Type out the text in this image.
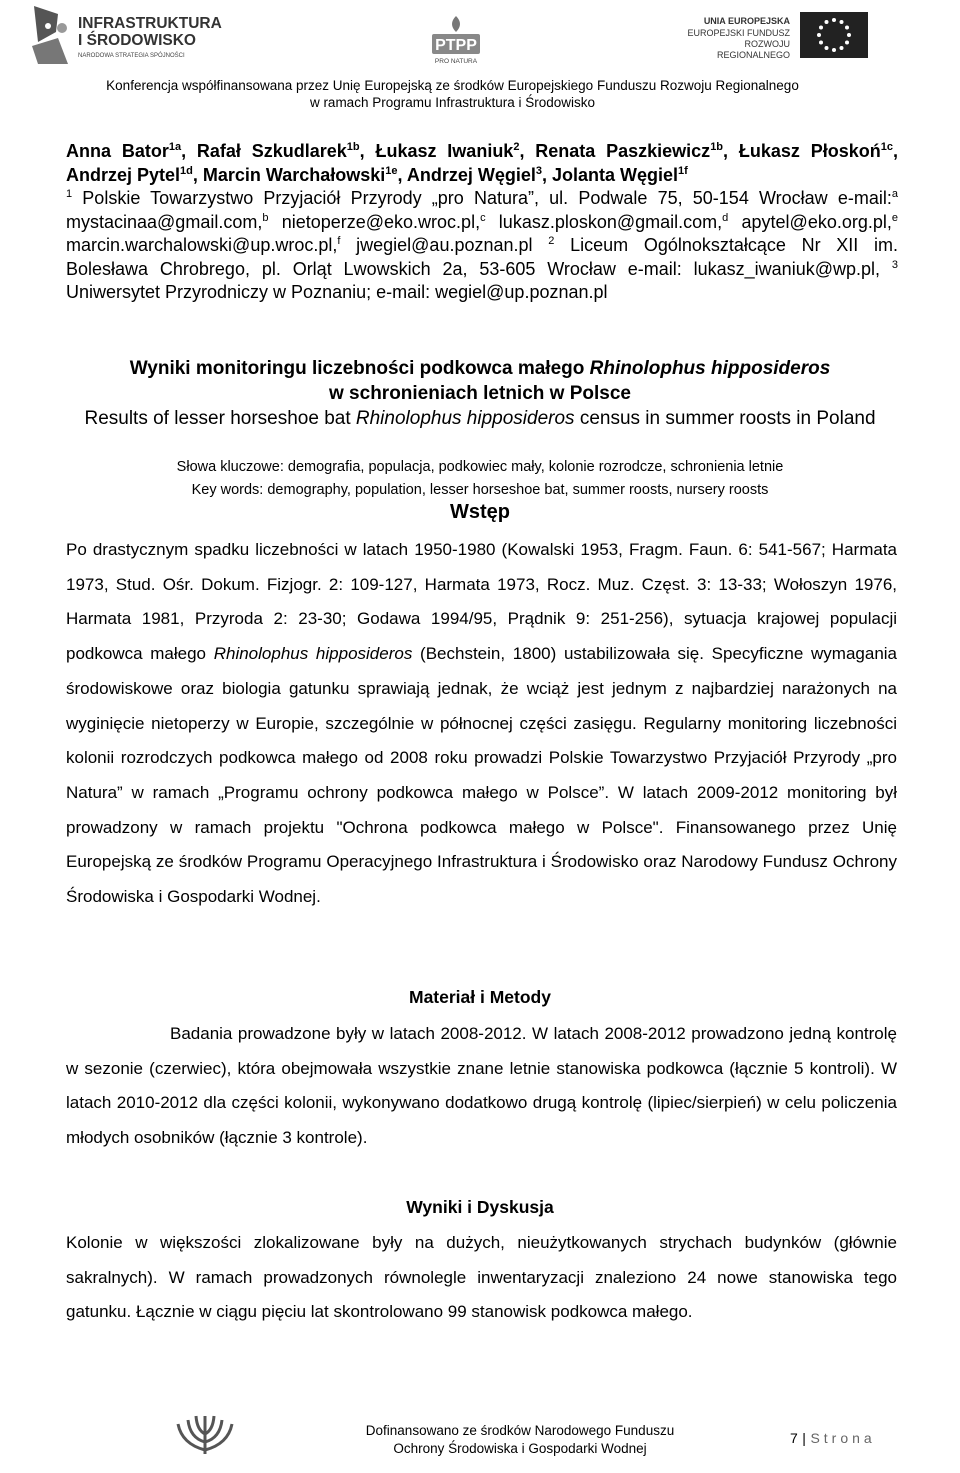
INFRASTRUKTURA
I ŚRODOWISKO
NARODOWA STRATEGIA SPÓJNOŚCI
PTPP
PRO NATURA
UNIA EUROPEJSKA
EUROPEJSKI FUNDUSZ
ROZWOJU REGIONALNEGO
Konferencja współfinansowana przez Unię Europejską ze środków Europejskiego Funduszu Rozwoju Regionalnego
w ramach Programu Infrastruktura i Środowisko
Anna Bator$^{1a}$, Rafał Szkudlarek$^{1b}$, Łukasz Iwaniuk$^2$, Renata Paszkiewicz$^{1b}$, Łukasz Płoskoń$^{1c}$, Andrzej Pytel$^{1d}$, Marcin Warchałowski$^{1e}$, Andrzej Węgiel$^3$, Jolanta Węgiel$^{1f}$
$^1$ Polskie Towarzystwo Przyjaciół Przyrody „pro Natura”, ul. Podwale 75, 50-154 Wrocław e-mail:$^a$ mystacinaa@gmail.com,$^b$ nietoperze@eko.wroc.pl,$^c$ lukasz.ploskon@gmail.com,$^d$ apytel@eko.org.pl,$^e$ marcin.warchalowski@up.wroc.pl,$^f$ jwegiel@au.poznan.pl $^2$ Liceum Ogólnokształcące Nr XII im. Bolesława Chrobrego, pl. Orląt Lwowskich 2a, 53-605 Wrocław e-mail: lukasz_iwaniuk@wp.pl, $^3$ Uniwersytet Przyrodniczy w Poznaniu; e-mail: wegiel@up.poznan.pl
Wyniki monitoringu liczebności podkowca małego Rhinolophus hipposideros
w schronieniach letnich w Polsce
Results of lesser horseshoe bat Rhinolophus hipposideros census in summer roosts in Poland
Słowa kluczowe: demografia, populacja, podkowiec mały, kolonie rozrodcze, schronienia letnie
Key words: demography, population, lesser horseshoe bat, summer roosts, nursery roosts
Wstęp
Po drastycznym spadku liczebności w latach 1950-1980 (Kowalski 1953, Fragm. Faun. 6: 541-567; Harmata 1973, Stud. Ośr. Dokum. Fizjogr. 2: 109-127, Harmata 1973, Rocz. Muz. Częst. 3: 13-33; Wołoszyn 1976, Harmata 1981, Przyroda 2: 23-30; Godawa 1994/95, Prądnik 9: 251-256), sytuacja krajowej populacji podkowca małego Rhinolophus hipposideros (Bechstein, 1800) ustabilizowała się. Specyficzne wymagania środowiskowe oraz biologia gatunku sprawiają jednak, że wciąż jest jednym z najbardziej narażonych na wyginięcie nietoperzy w Europie, szczególnie w północnej części zasięgu. Regularny monitoring liczebności kolonii rozrodczych podkowca małego od 2008 roku prowadzi Polskie Towarzystwo Przyjaciół Przyrody „pro Natura” w ramach „Programu ochrony podkowca małego w Polsce”. W latach 2009-2012 monitoring był prowadzony w ramach projektu "Ochrona podkowca małego w Polsce". Finansowanego przez Unię Europejską ze środków Programu Operacyjnego Infrastruktura i Środowisko oraz Narodowy Fundusz Ochrony Środowiska i Gospodarki Wodnej.
Materiał i Metody
Badania prowadzone były w latach 2008-2012. W latach 2008-2012 prowadzono jedną kontrolę w sezonie (czerwiec), która obejmowała wszystkie znane letnie stanowiska podkowca (łącznie 5 kontroli). W latach 2010-2012 dla części kolonii, wykonywano dodatkowo drugą kontrolę (lipiec/sierpień) w celu policzenia młodych osobników (łącznie 3 kontrole).
Wyniki i Dyskusja
Kolonie w większości zlokalizowane były na dużych, nieużytkowanych strychach budynków (głównie sakralnych). W ramach prowadzonych równolegle inwentaryzacji znaleziono 24 nowe stanowiska tego gatunku. Łącznie w ciągu pięciu lat skontrolowano 99 stanowisk podkowca małego.
Dofinansowano ze środków Narodowego Funduszu
Ochrony Środowiska i Gospodarki Wodnej
7 | Strona
